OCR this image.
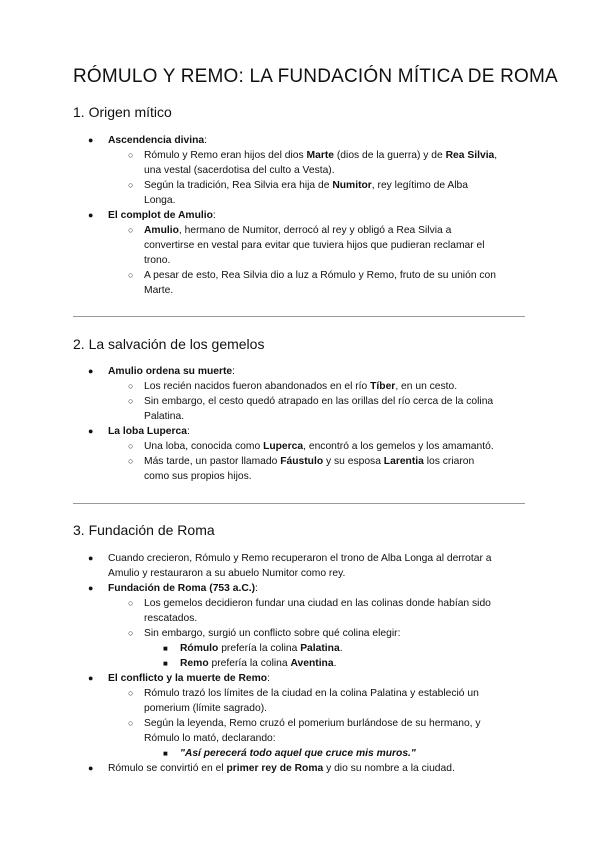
RÓMULO Y REMO: LA FUNDACIÓN MÍTICA DE ROMA
1. Origen mítico
● Ascendencia divina:
○ Rómulo y Remo eran hijos del dios Marte (dios de la guerra) y de Rea Silvia,
una vestal (sacerdotisa del culto a Vesta).
○ Según la tradición, Rea Silvia era hija de Numitor, rey legítimo de Alba
Longa.
● El complot de Amulio:
○ Amulio, hermano de Numitor, derrocó al rey y obligó a Rea Silvia a
convertirse en vestal para evitar que tuviera hijos que pudieran reclamar el
trono.
○ A pesar de esto, Rea Silvia dio a luz a Rómulo y Remo, fruto de su unión con
Marte.
2. La salvación de los gemelos
● Amulio ordena su muerte:
○ Los recién nacidos fueron abandonados en el río Tíber, en un cesto.
○ Sin embargo, el cesto quedó atrapado en las orillas del río cerca de la colina
Palatina.
● La loba Luperca:
○ Una loba, conocida como Luperca, encontró a los gemelos y los amamantó.
○ Más tarde, un pastor llamado Fáustulo y su esposa Larentia los criaron
como sus propios hijos.
3. Fundación de Roma
● Cuando crecieron, Rómulo y Remo recuperaron el trono de Alba Longa al derrotar a
Amulio y restauraron a su abuelo Numitor como rey.
● Fundación de Roma (753 a.C.):
○ Los gemelos decidieron fundar una ciudad en las colinas donde habían sido
rescatados.
○ Sin embargo, surgió un conflicto sobre qué colina elegir:
■ Rómulo prefería la colina Palatina.
■ Remo prefería la colina Aventina.
● El conflicto y la muerte de Remo:
○ Rómulo trazó los límites de la ciudad en la colina Palatina y estableció un
pomerium (límite sagrado).
○ Según la leyenda, Remo cruzó el pomerium burlándose de su hermano, y
Rómulo lo mató, declarando:
■ "Así perecerá todo aquel que cruce mis muros."
● Rómulo se convirtió en el primer rey de Roma y dio su nombre a la ciudad.
